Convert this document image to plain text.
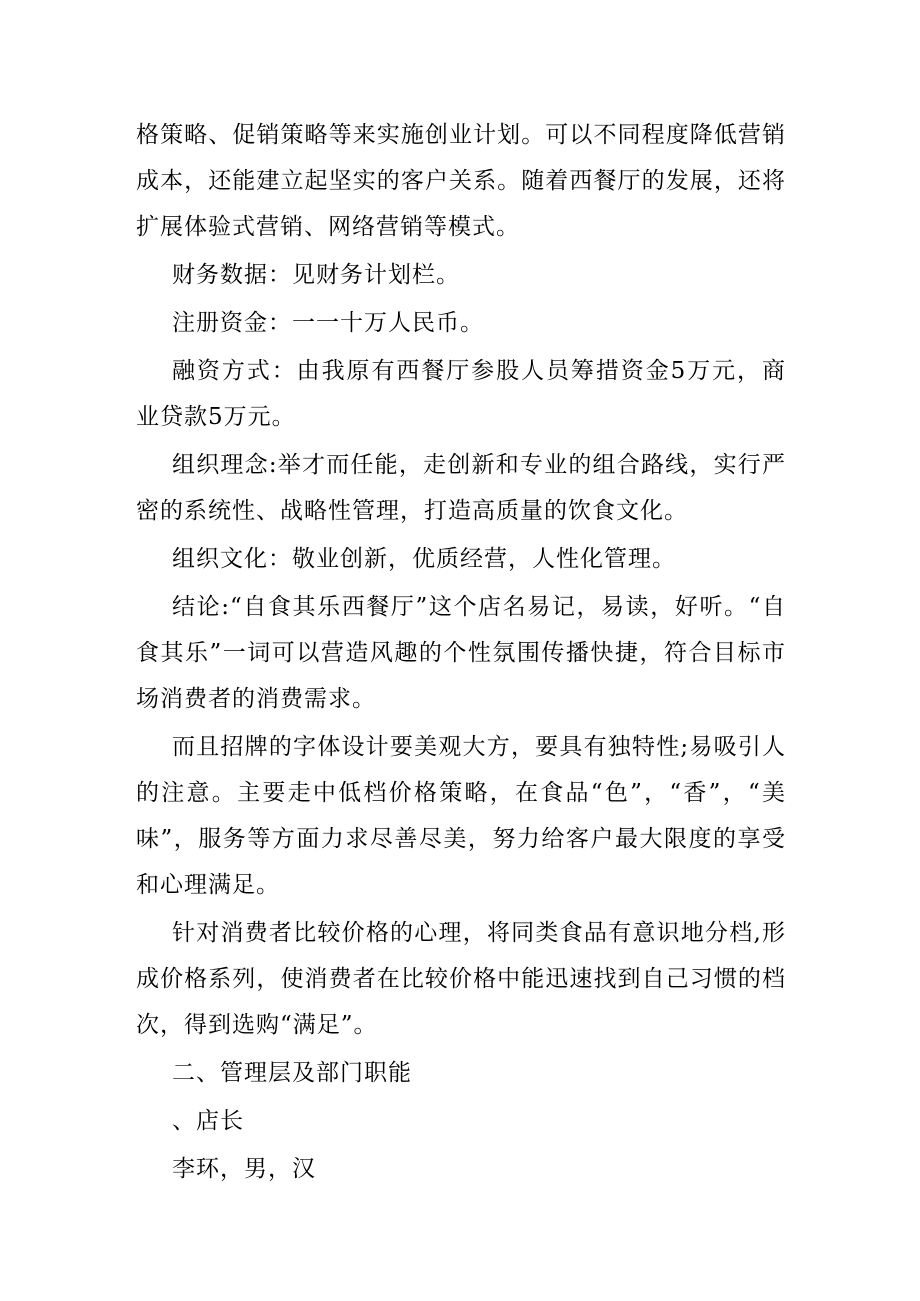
格策略、促销策略等来实施创业计划。可以不同程度降低营销成本，还能建立起坚实的客户关系。随着西餐厅的发展，还将扩展体验式营销、网络营销等模式。

财务数据：见财务计划栏。

注册资金：一一十万人民币。

融资方式：由我原有西餐厅参股人员筹措资金5万元，商业贷款5万元。

组织理念:举才而任能，走创新和专业的组合路线，实行严密的系统性、战略性管理，打造高质量的饮食文化。

组织文化：敬业创新，优质经营，人性化管理。

结论:“自食其乐西餐厅”这个店名易记，易读，好听。“自食其乐”一词可以营造风趣的个性氛围传播快捷，符合目标市场消费者的消费需求。

而且招牌的字体设计要美观大方，要具有独特性;易吸引人的注意。主要走中低档价格策略，在食品“色”，“香”，“美味”，服务等方面力求尽善尽美，努力给客户最大限度的享受和心理满足。

针对消费者比较价格的心理，将同类食品有意识地分档,形成价格系列，使消费者在比较价格中能迅速找到自己习惯的档次，得到选购“满足”。

二、管理层及部门职能

、店长

李环，男，汉
